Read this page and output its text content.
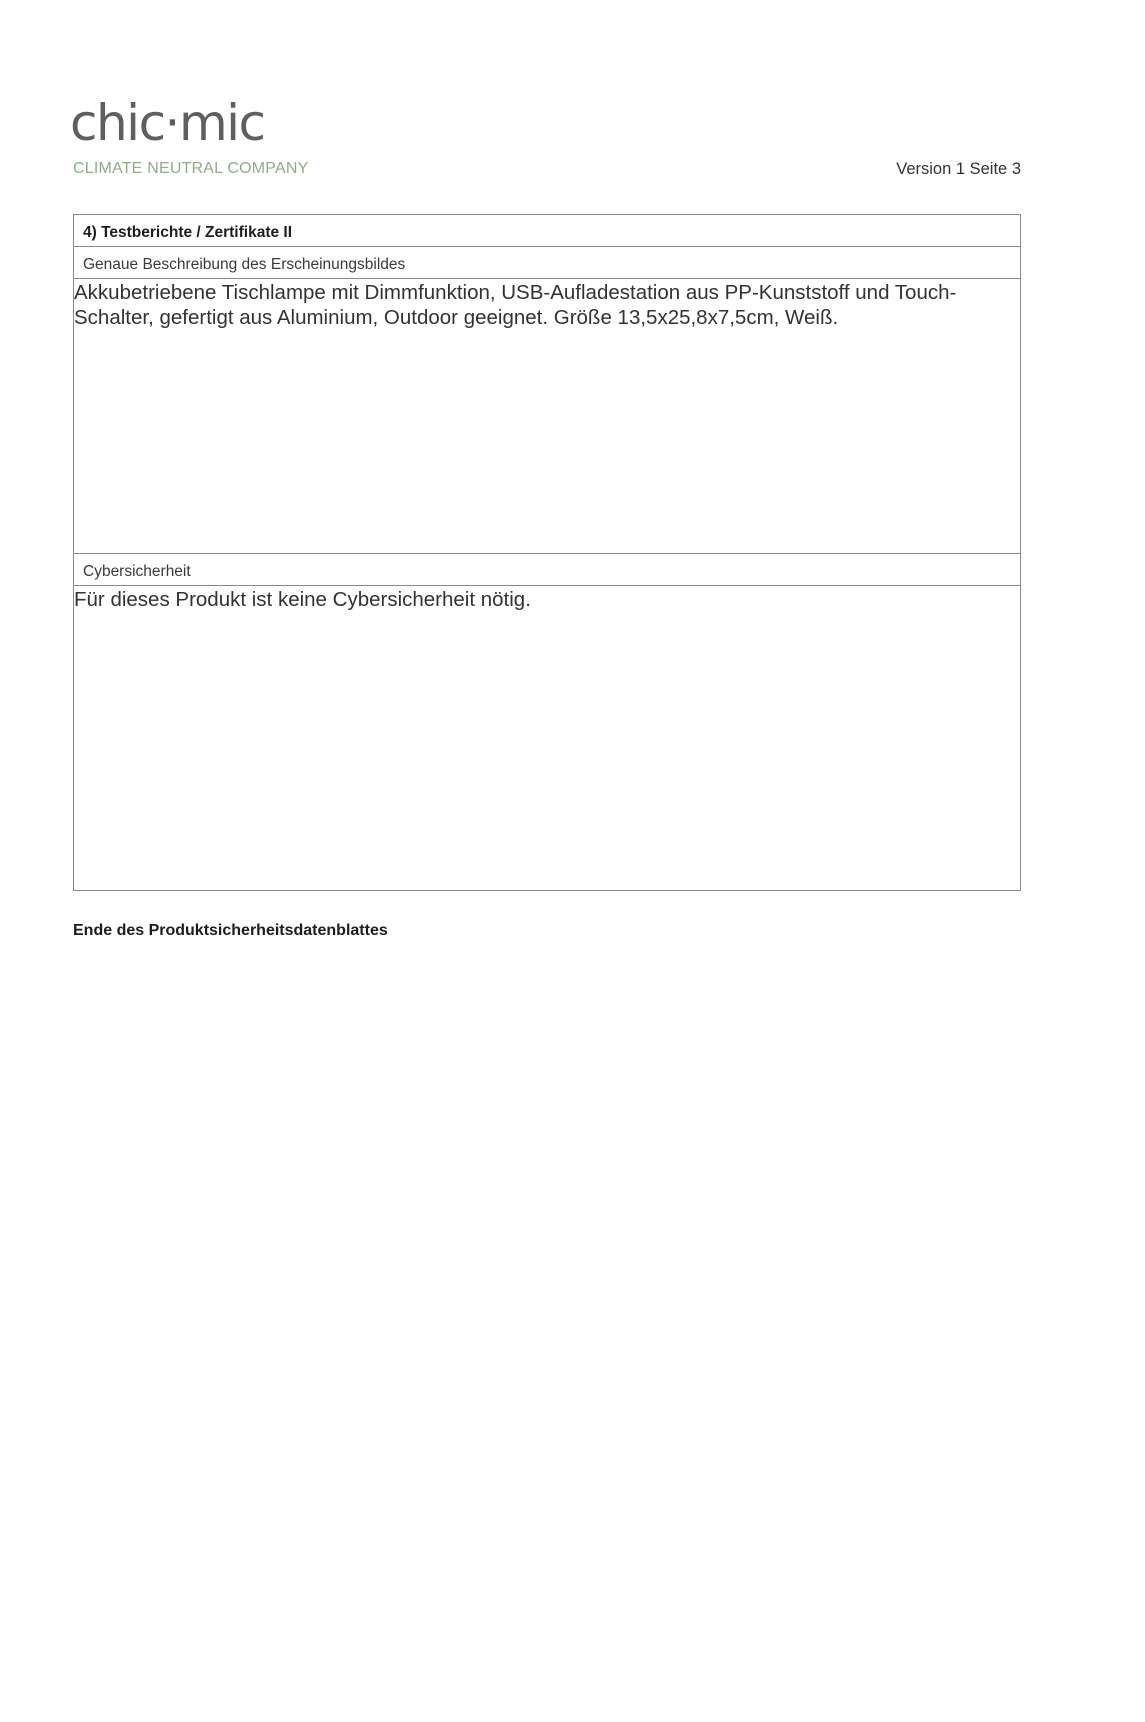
chic·mic
CLIMATE NEUTRAL COMPANY	Version 1 Seite 3
4) Testberichte / Zertifikate II
Genaue Beschreibung des Erscheinungsbildes
Akkubetriebene Tischlampe mit Dimmfunktion, USB-Aufladestation aus PP-Kunststoff und Touch-Schalter, gefertigt aus Aluminium, Outdoor geeignet. Größe 13,5x25,8x7,5cm, Weiß.
Cybersicherheit
Für dieses Produkt ist keine Cybersicherheit nötig.
Ende des Produktsicherheitsdatenblattes
